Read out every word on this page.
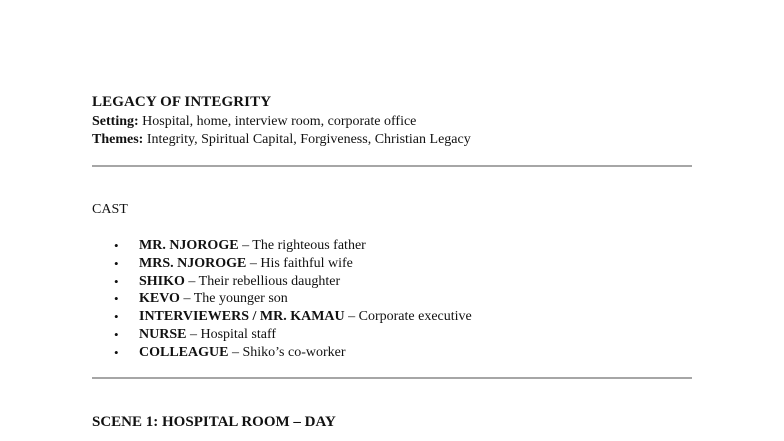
LEGACY OF INTEGRITY
Setting: Hospital, home, interview room, corporate office
Themes: Integrity, Spiritual Capital, Forgiveness, Christian Legacy
CAST
• MR. NJOROGE – The righteous father
• MRS. NJOROGE – His faithful wife
• SHIKO – Their rebellious daughter
• KEVO – The younger son
• INTERVIEWERS / MR. KAMAU – Corporate executive
• NURSE – Hospital staff
• COLLEAGUE – Shiko’s co-worker
SCENE 1: HOSPITAL ROOM – DAY
